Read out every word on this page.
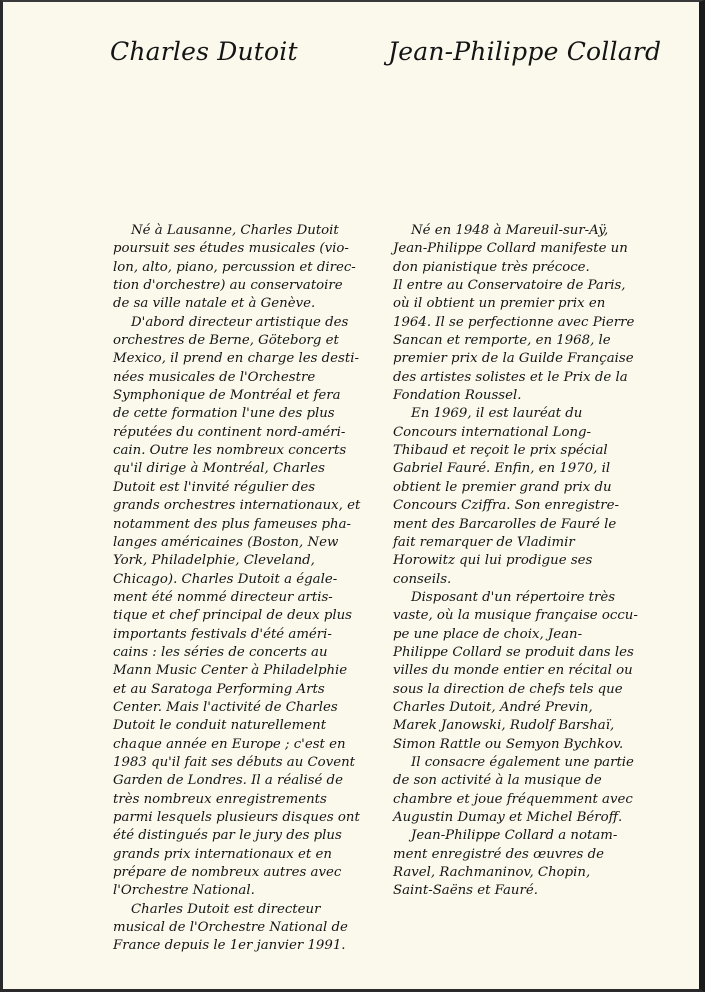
Charles Dutoit	Jean-Philippe Collard
Né à Lausanne, Charles Dutoit
poursuit ses études musicales (vio-
lon, alto, piano, percussion et direc-
tion d'orchestre) au conservatoire
de sa ville natale et à Genève.
D'abord directeur artistique des
orchestres de Berne, Göteborg et
Mexico, il prend en charge les desti-
nées musicales de l'Orchestre
Symphonique de Montréal et fera
de cette formation l'une des plus
réputées du continent nord-améri-
cain. Outre les nombreux concerts
qu'il dirige à Montréal, Charles
Dutoit est l'invité régulier des
grands orchestres internationaux, et
notamment des plus fameuses pha-
langes américaines (Boston, New
York, Philadelphie, Cleveland,
Chicago). Charles Dutoit a égale-
ment été nommé directeur artis-
tique et chef principal de deux plus
importants festivals d'été améri-
cains : les séries de concerts au
Mann Music Center à Philadelphie
et au Saratoga Performing Arts
Center. Mais l'activité de Charles
Dutoit le conduit naturellement
chaque année en Europe ; c'est en
1983 qu'il fait ses débuts au Covent
Garden de Londres. Il a réalisé de
très nombreux enregistrements
parmi lesquels plusieurs disques ont
été distingués par le jury des plus
grands prix internationaux et en
prépare de nombreux autres avec
l'Orchestre National.
Charles Dutoit est directeur
musical de l'Orchestre National de
France depuis le 1er janvier 1991.
Né en 1948 à Mareuil-sur-Aÿ,
Jean-Philippe Collard manifeste un
don pianistique très précoce.
Il entre au Conservatoire de Paris,
où il obtient un premier prix en
1964. Il se perfectionne avec Pierre
Sancan et remporte, en 1968, le
premier prix de la Guilde Française
des artistes solistes et le Prix de la
Fondation Roussel.
En 1969, il est lauréat du
Concours international Long-
Thibaud et reçoit le prix spécial
Gabriel Fauré. Enfin, en 1970, il
obtient le premier grand prix du
Concours Cziffra. Son enregistre-
ment des Barcarolles de Fauré le
fait remarquer de Vladimir
Horowitz qui lui prodigue ses
conseils.
Disposant d'un répertoire très
vaste, où la musique française occu-
pe une place de choix, Jean-
Philippe Collard se produit dans les
villes du monde entier en récital ou
sous la direction de chefs tels que
Charles Dutoit, André Previn,
Marek Janowski, Rudolf Barshaï,
Simon Rattle ou Semyon Bychkov.
Il consacre également une partie
de son activité à la musique de
chambre et joue fréquemment avec
Augustin Dumay et Michel Béroff.
Jean-Philippe Collard a notam-
ment enregistré des œuvres de
Ravel, Rachmaninov, Chopin,
Saint-Saëns et Fauré.
